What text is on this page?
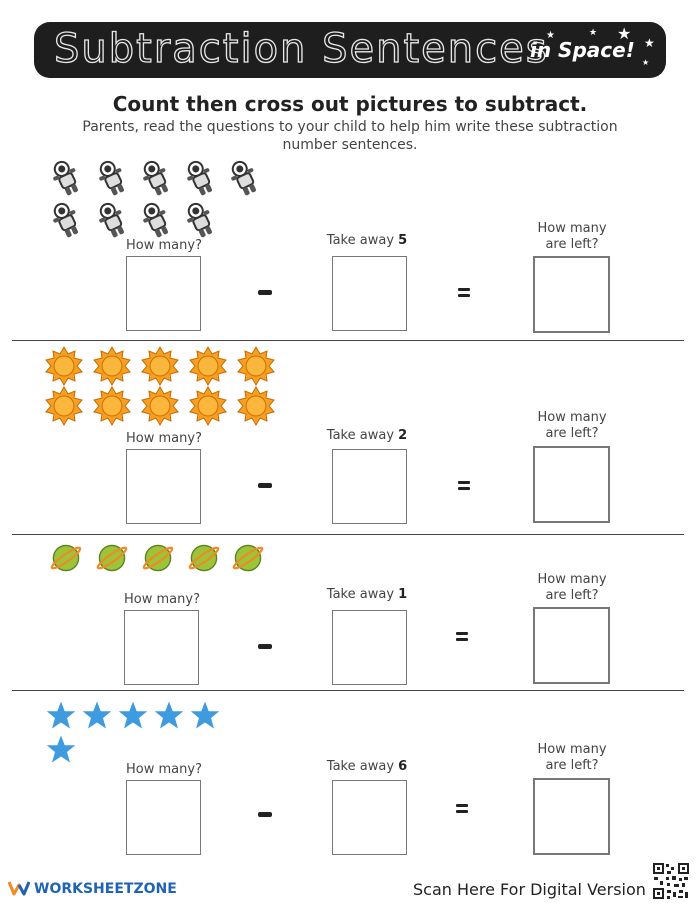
Subtraction Sentences
in Space!
★	★ ★ ★
★
Count then cross out pictures to subtract.

Parents, read the questions to your child to help him write these subtraction number sentences.

How many?	Take away 5
How many
are left?
How many?	Take away 2
How many
are left?
How many?	Take away 1
How many
are left?
How many?	Take away 6
How many
are left?
WORKSHEETZONE	Scan Here For Digital Version
